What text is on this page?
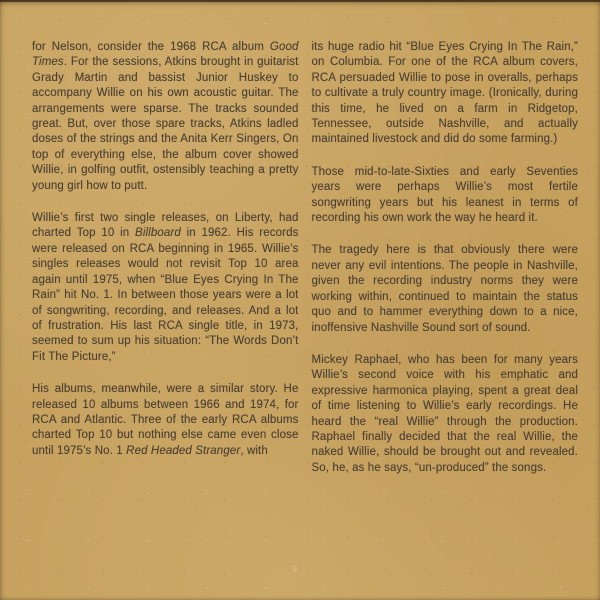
for Nelson, consider the 1968 RCA album Good Times. For the sessions, Atkins brought in guitarist Grady Martin and bassist Junior Huskey to accompany Willie on his own acoustic guitar. The arrangements were sparse. The tracks sounded great. But, over those spare tracks, Atkins ladled doses of the strings and the Anita Kerr Singers, On top of everything else, the album cover showed Willie, in golfing outfit, ostensibly teaching a pretty young girl how to putt.

Willie’s first two single releases, on Liberty, had charted Top 10 in Billboard in 1962. His records were released on RCA beginning in 1965. Willie’s singles releases would not revisit Top 10 area again until 1975, when “Blue Eyes Crying In The Rain” hit No. 1. In between those years were a lot of songwriting, recording, and releases. And a lot of frustration. His last RCA single title, in 1973, seemed to sum up his situation: “The Words Don’t Fit The Picture,”

His albums, meanwhile, were a similar story. He released 10 albums between 1966 and 1974, for RCA and Atlantic. Three of the early RCA albums charted Top 10 but nothing else came even close until 1975’s No. 1 Red Headed Stranger, with

its huge radio hit “Blue Eyes Crying In The Rain,” on Columbia. For one of the RCA album covers, RCA persuaded Willie to pose in overalls, perhaps to cultivate a truly country image. (Ironically, during this time, he lived on a farm in Ridgetop, Tennessee, outside Nashville, and actually maintained livestock and did do some farming.)

Those mid-to-late-Sixties and early Seventies years were perhaps Willie’s most fertile songwriting years but his leanest in terms of recording his own work the way he heard it.

The tragedy here is that obviously there were never any evil intentions. The people in Nashville, given the recording industry norms they were working within, continued to maintain the status quo and to hammer everything down to a nice, inoffensive Nashville Sound sort of sound.

Mickey Raphael, who has been for many years Willie’s second voice with his emphatic and expressive harmonica playing, spent a great deal of time listening to Willie’s early recordings. He heard the “real Willie” through the production. Raphael finally decided that the real Willie, the naked Willie, should be brought out and revealed. So, he, as he says, “un-produced” the songs.

9
